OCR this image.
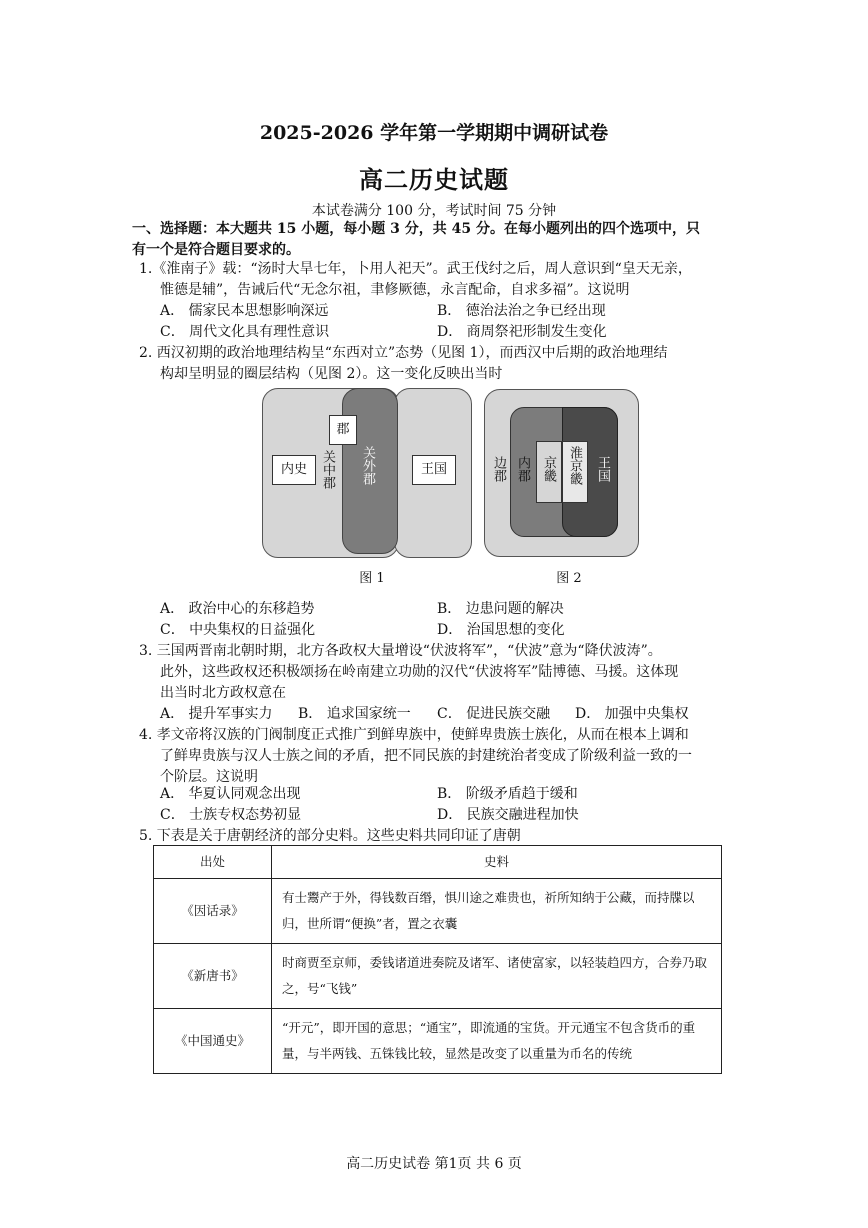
2025-2026 学年第一学期期中调研试卷
高二历史试题
本试卷满分 100 分，考试时间 75 分钟
一、选择题：本大题共 15 小题，每小题 3 分，共 45 分。在每小题列出的四个选项中，只
有一个是符合题目要求的。
1.《淮南子》载：“汤时大旱七年，卜用人祀天”。武王伐纣之后，周人意识到“皇天无亲，
惟德是辅”，告诫后代“无念尔祖，聿修厥德，永言配命，自求多福”。这说明
A． 儒家民本思想影响深远	B． 德治法治之争已经出现
C． 周代文化具有理性意识	D． 商周祭祀形制发生变化
2. 西汉初期的政治地理结构呈“东西对立”态势（见图 1），而西汉中后期的政治地理结
构却呈明显的圈层结构（见图 2）。这一变化反映出当时
郡
内史	关中郡 关外郡	王国
图 1
边郡 内郡 京畿 淮京畿 王国
图 2
A． 政治中心的东移趋势	B． 边患问题的解决
C． 中央集权的日益强化	D． 治国思想的变化
3. 三国两晋南北朝时期，北方各政权大量增设“伏波将军”，“伏波”意为“降伏波涛”。
此外，这些政权还积极颂扬在岭南建立功勋的汉代“伏波将军”陆博德、马援。这体现
出当时北方政权意在
A． 提升军事实力 B． 追求国家统一 C． 促进民族交融 D． 加强中央集权
4. 孝文帝将汉族的门阀制度正式推广到鲜卑族中，使鲜卑贵族士族化，从而在根本上调和
了鲜卑贵族与汉人士族之间的矛盾，把不同民族的封建统治者变成了阶级利益一致的一
个阶层。这说明
A． 华夏认同观念出现	B． 阶级矛盾趋于缓和
C． 士族专权态势初显	D． 民族交融进程加快
5. 下表是关于唐朝经济的部分史料。这些史料共同印证了唐朝
出处	史料
《因话录》	有士鬻产于外，得钱数百缗，惧川途之难贵也，祈所知纳于公藏，而持牒以归，世所谓“便换”者，置之衣囊
《新唐书》	时商贾至京师，委钱诸道进奏院及诸军、诸使富家，以轻装趋四方，合券乃取之，号“飞钱”
《中国通史》	“开元”，即开国的意思；“通宝”，即流通的宝货。开元通宝不包含货币的重量，与半两钱、五铢钱比较，显然是改变了以重量为币名的传统
高二历史试卷 第1页 共 6 页
